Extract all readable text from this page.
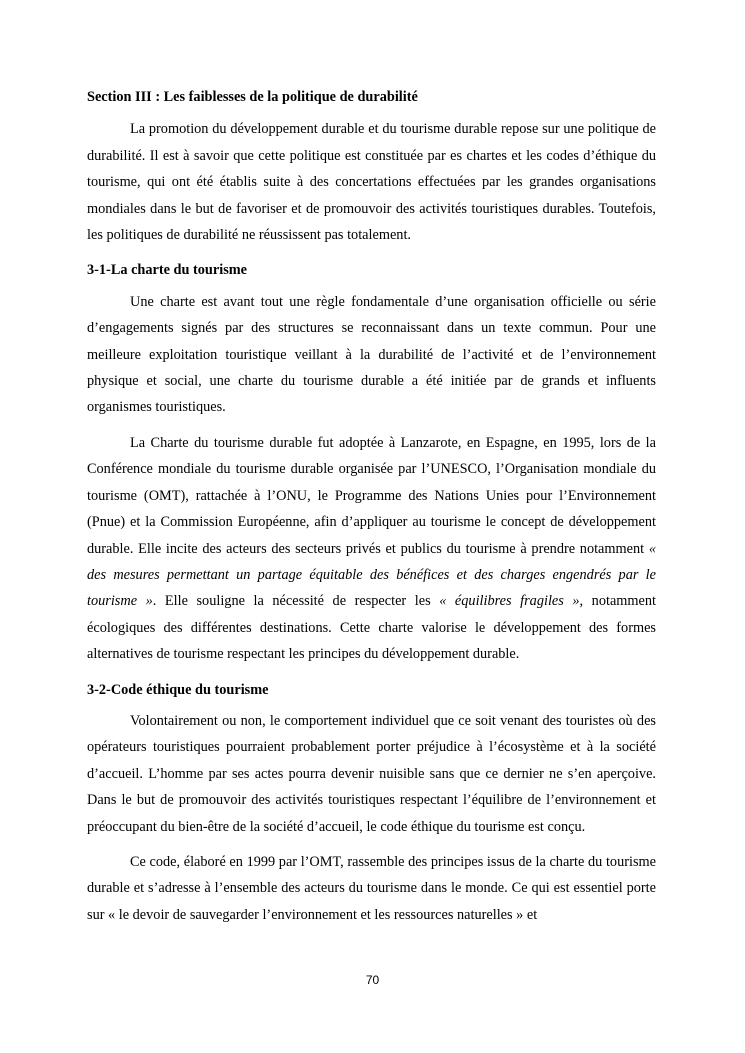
Section III : Les faiblesses de la politique de durabilité

La promotion du développement durable et du tourisme durable repose sur une politique de durabilité. Il est à savoir que cette politique est constituée par es chartes et les codes d’éthique du tourisme, qui ont été établis suite à des concertations effectuées par les grandes organisations mondiales dans le but de favoriser et de promouvoir des activités touristiques durables. Toutefois, les politiques de durabilité ne réussissent pas totalement.

3-1-La charte du tourisme

Une charte est avant tout une règle fondamentale d’une organisation officielle ou série d’engagements signés par des structures se reconnaissant dans un texte commun. Pour une meilleure exploitation touristique veillant à la durabilité de l’activité et de l’environnement physique et social, une charte du tourisme durable a été initiée par de grands et influents organismes touristiques.

La Charte du tourisme durable fut adoptée à Lanzarote, en Espagne, en 1995, lors de la Conférence mondiale du tourisme durable organisée par l’UNESCO, l’Organisation mondiale du tourisme (OMT), rattachée à l’ONU, le Programme des Nations Unies pour l’Environnement (Pnue) et la Commission Européenne, afin d’appliquer au tourisme le concept de développement durable. Elle incite des acteurs des secteurs privés et publics du tourisme à prendre notamment « des mesures permettant un partage équitable des bénéfices et des charges engendrés par le tourisme ». Elle souligne la nécessité de respecter les « équilibres fragiles », notamment écologiques des différentes destinations. Cette charte valorise le développement des formes alternatives de tourisme respectant les principes du développement durable.

3-2-Code éthique du tourisme

Volontairement ou non, le comportement individuel que ce soit venant des touristes où des opérateurs touristiques pourraient probablement porter préjudice à l’écosystème et à la société d’accueil. L’homme par ses actes pourra devenir nuisible sans que ce dernier ne s’en aperçoive. Dans le but de promouvoir des activités touristiques respectant l’équilibre de l’environnement et préoccupant du bien-être de la société d’accueil, le code éthique du tourisme est conçu.

Ce code, élaboré en 1999 par l’OMT, rassemble des principes issus de la charte du tourisme durable et s’adresse à l’ensemble des acteurs du tourisme dans le monde. Ce qui est essentiel porte sur « le devoir de sauvegarder l’environnement et les ressources naturelles » et

70
